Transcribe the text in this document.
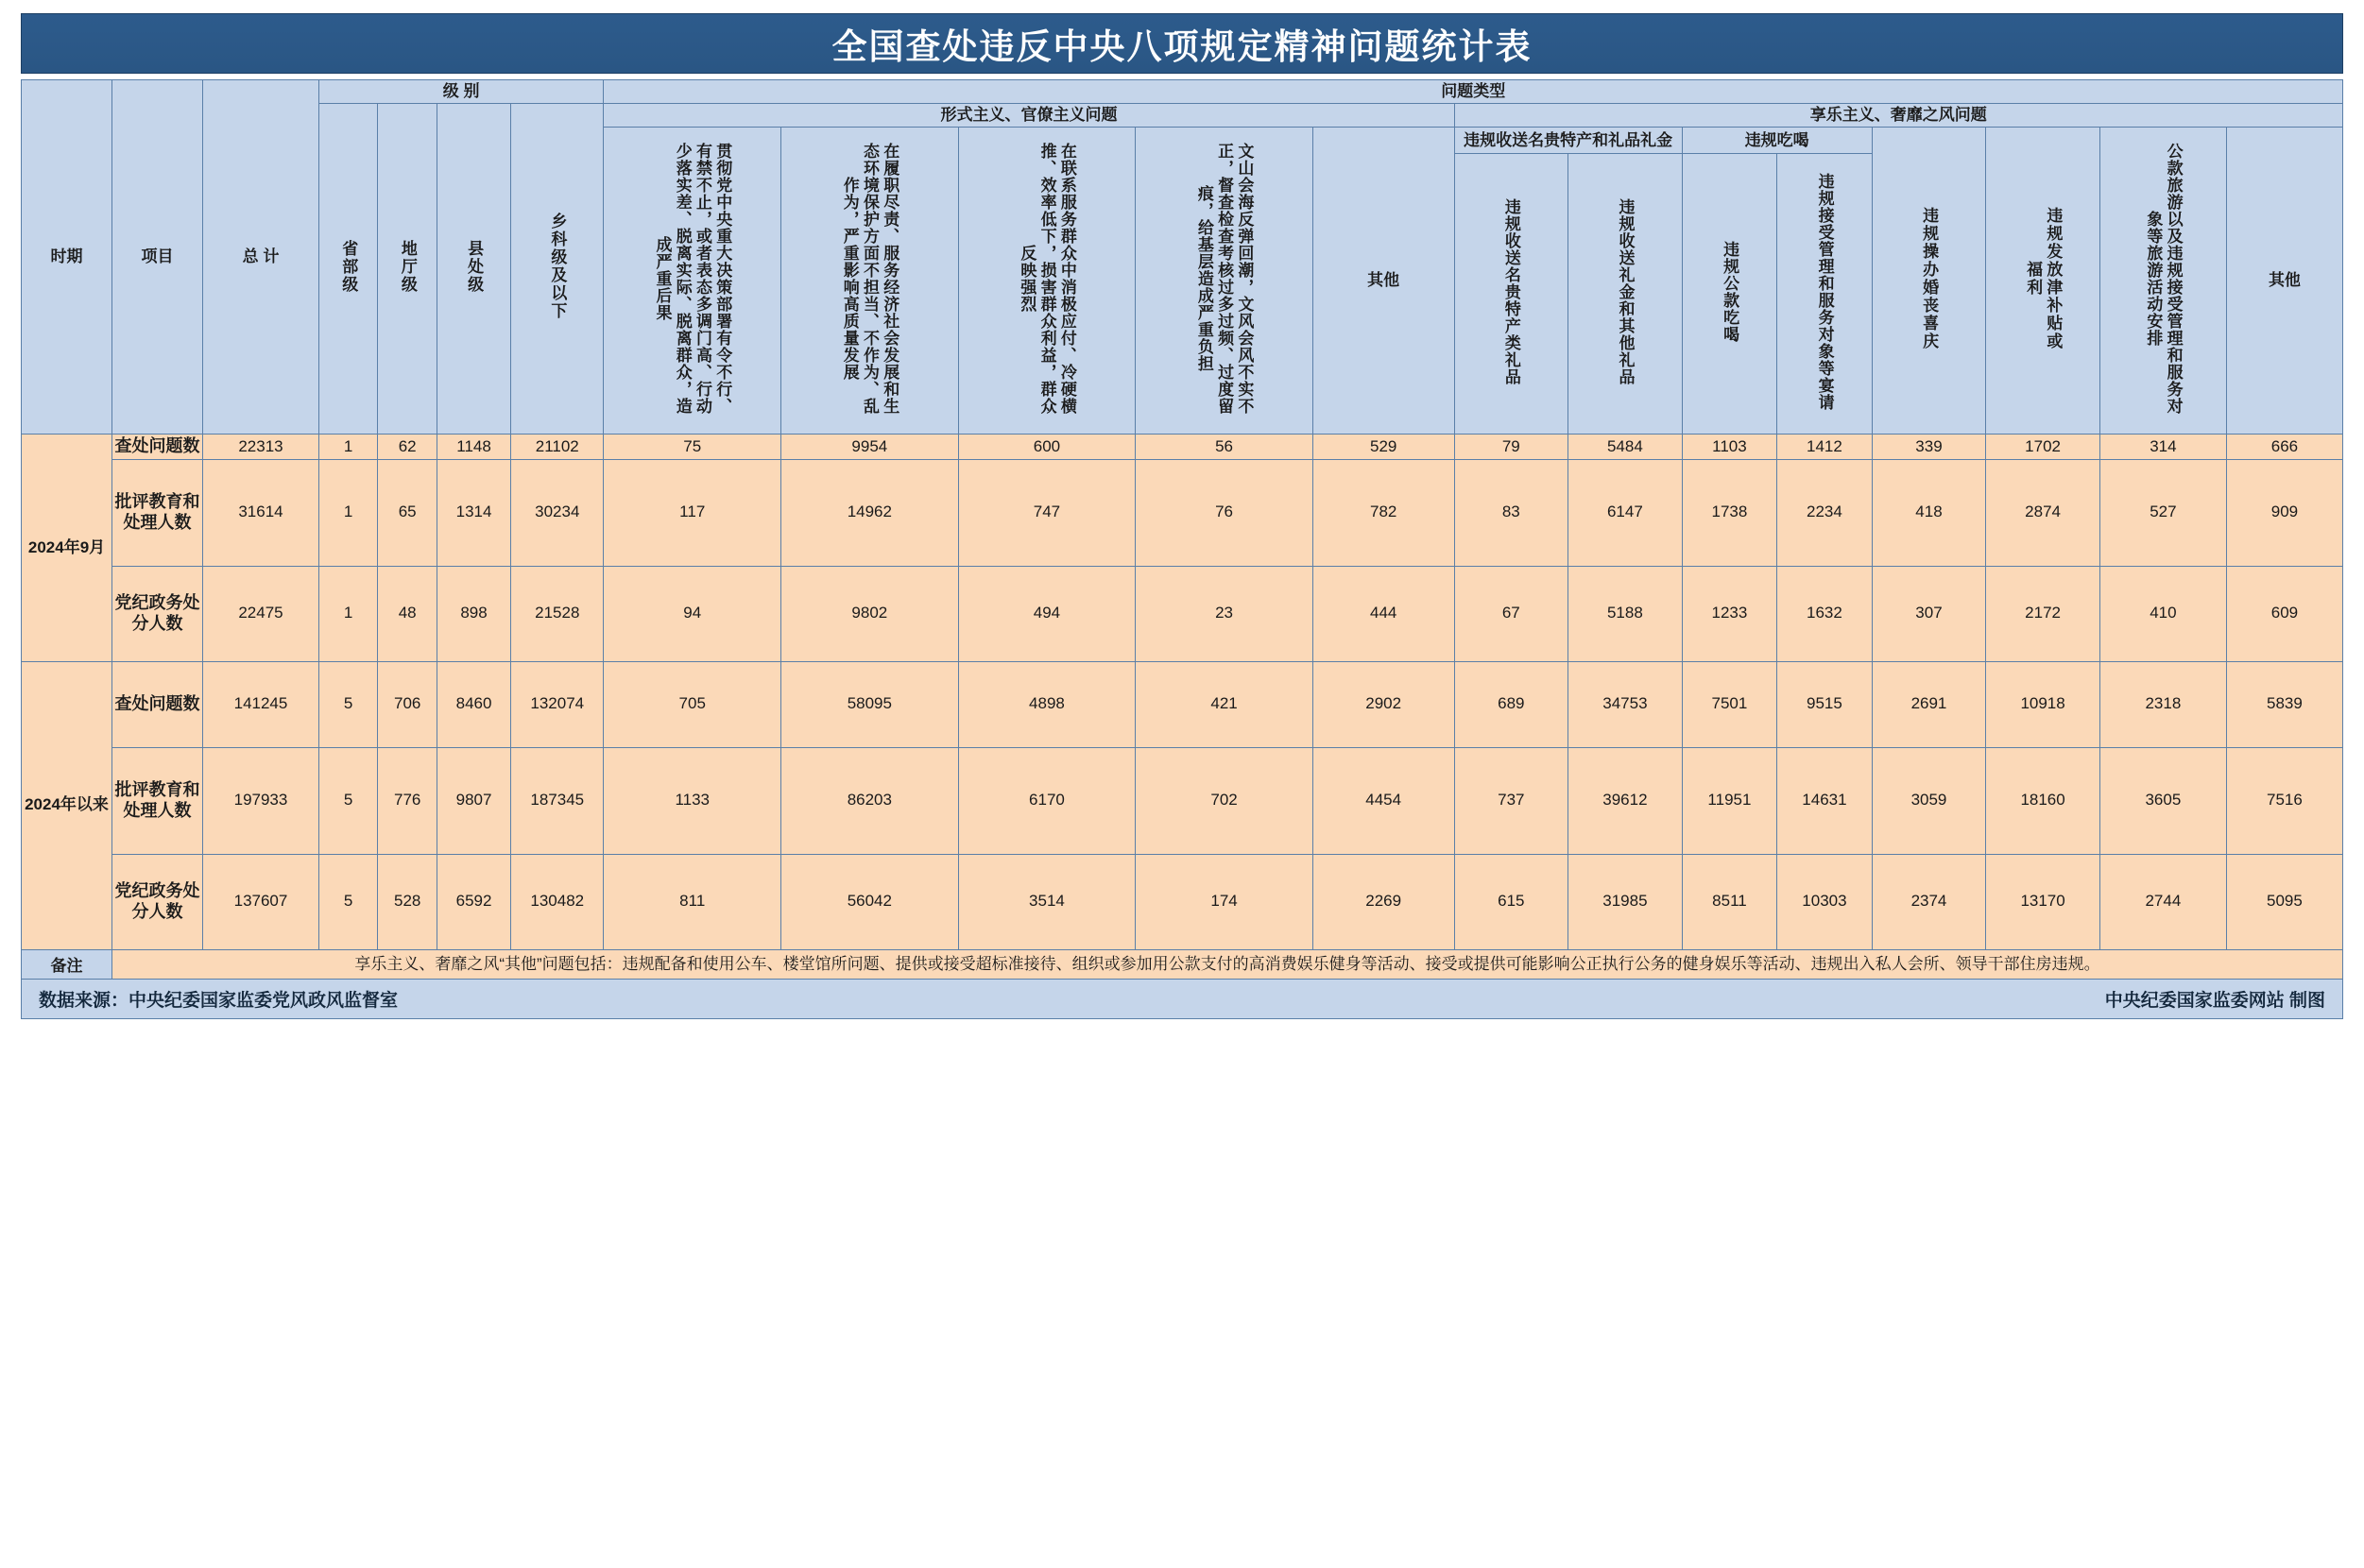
全国查处违反中央八项规定精神问题统计表
时期	项目	总 计	级 别				问题类型												
			省部级	地厅级	县处级	乡科级及以下	形式主义、官僚主义问题					享乐主义、奢靡之风问题							
							贯彻党中央重大决策部署有令不行、有禁不止，或者表态多调门高、行动少落实差、脱离实际、脱离群众，造成严重后果	在履职尽责、服务经济社会发展和生态环境保护方面不担当、不作为、乱作为，严重影响高质量发展	在联系服务群众中消极应付、冷硬横推、效率低下，损害群众利益，群众反映强烈	文山会海反弹回潮，文风会风不实不正，督查检查考核过多过频、过度留痕，给基层造成严重负担	其他	违规收送名贵特产和礼品礼金		违规吃喝		违规操办婚丧喜庆	违规发放津补贴或福利	公款旅游以及违规接受管理和服务对象等旅游活动安排	其他
												违规收送名贵特产类礼品	违规收送礼金和其他礼品	违规公款吃喝	违规接受管理和服务对象等宴请				
2024年9月	查处问题数	22313	1	62	1148	21102	75	9954	600	56	529	79	5484	1103	1412	339	1702	314	666
	批评教育和处理人数	31614	1	65	1314	30234	117	14962	747	76	782	83	6147	1738	2234	418	2874	527	909
	党纪政务处分人数	22475	1	48	898	21528	94	9802	494	23	444	67	5188	1233	1632	307	2172	410	609
2024年以来	查处问题数	141245	5	706	8460	132074	705	58095	4898	421	2902	689	34753	7501	9515	2691	10918	2318	5839
	批评教育和处理人数	197933	5	776	9807	187345	1133	86203	6170	702	4454	737	39612	11951	14631	3059	18160	3605	7516
	党纪政务处分人数	137607	5	528	6592	130482	811	56042	3514	174	2269	615	31985	8511	10303	2374	13170	2744	5095
备注	享乐主义、奢靡之风“其他”问题包括：违规配备和使用公车、楼堂馆所问题、提供或接受超标准接待、组织或参加用公款支付的高消费娱乐健身等活动、接受或提供可能影响公正执行公务的健身娱乐等活动、违规出入私人会所、领导干部住房违规。																		
数据来源：中央纪委国家监委党风政风监督室	中央纪委国家监委网站 制图
